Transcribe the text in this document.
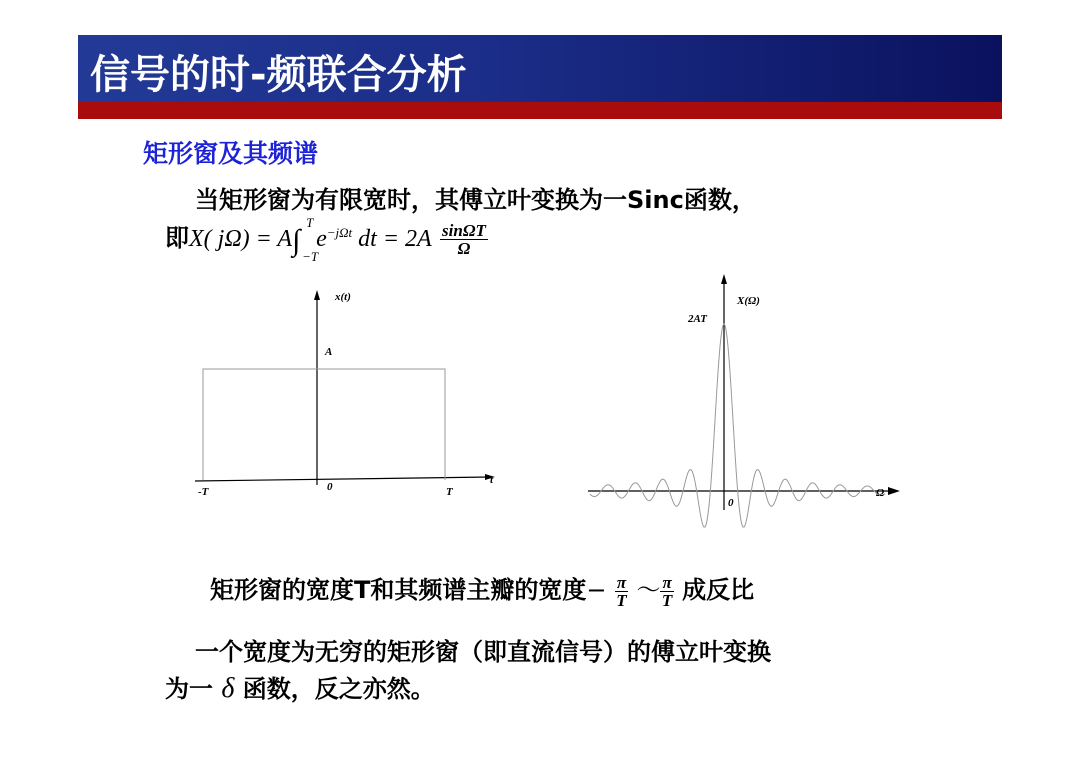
信号的时-频联合分析
矩形窗及其频谱
当矩形窗为有限宽时，其傅立叶变换为一Sinc函数，
即X( jΩ) = A∫
T
−T
$e^{-j\Omega t}$ dt = $2A \frac{\sin\Omega T}{\Omega}$
x(t)
A
0
-T	T
t
X(Ω)
2AT
0
Ω
矩形窗的宽度T和其频谱主瓣的宽度− $\frac{\pi}{T}$ ～ $\frac{\pi}{T}$ 成反比
一个宽度为无穷的矩形窗（即直流信号）的傅立叶变换
为一 δ 函数，反之亦然。
